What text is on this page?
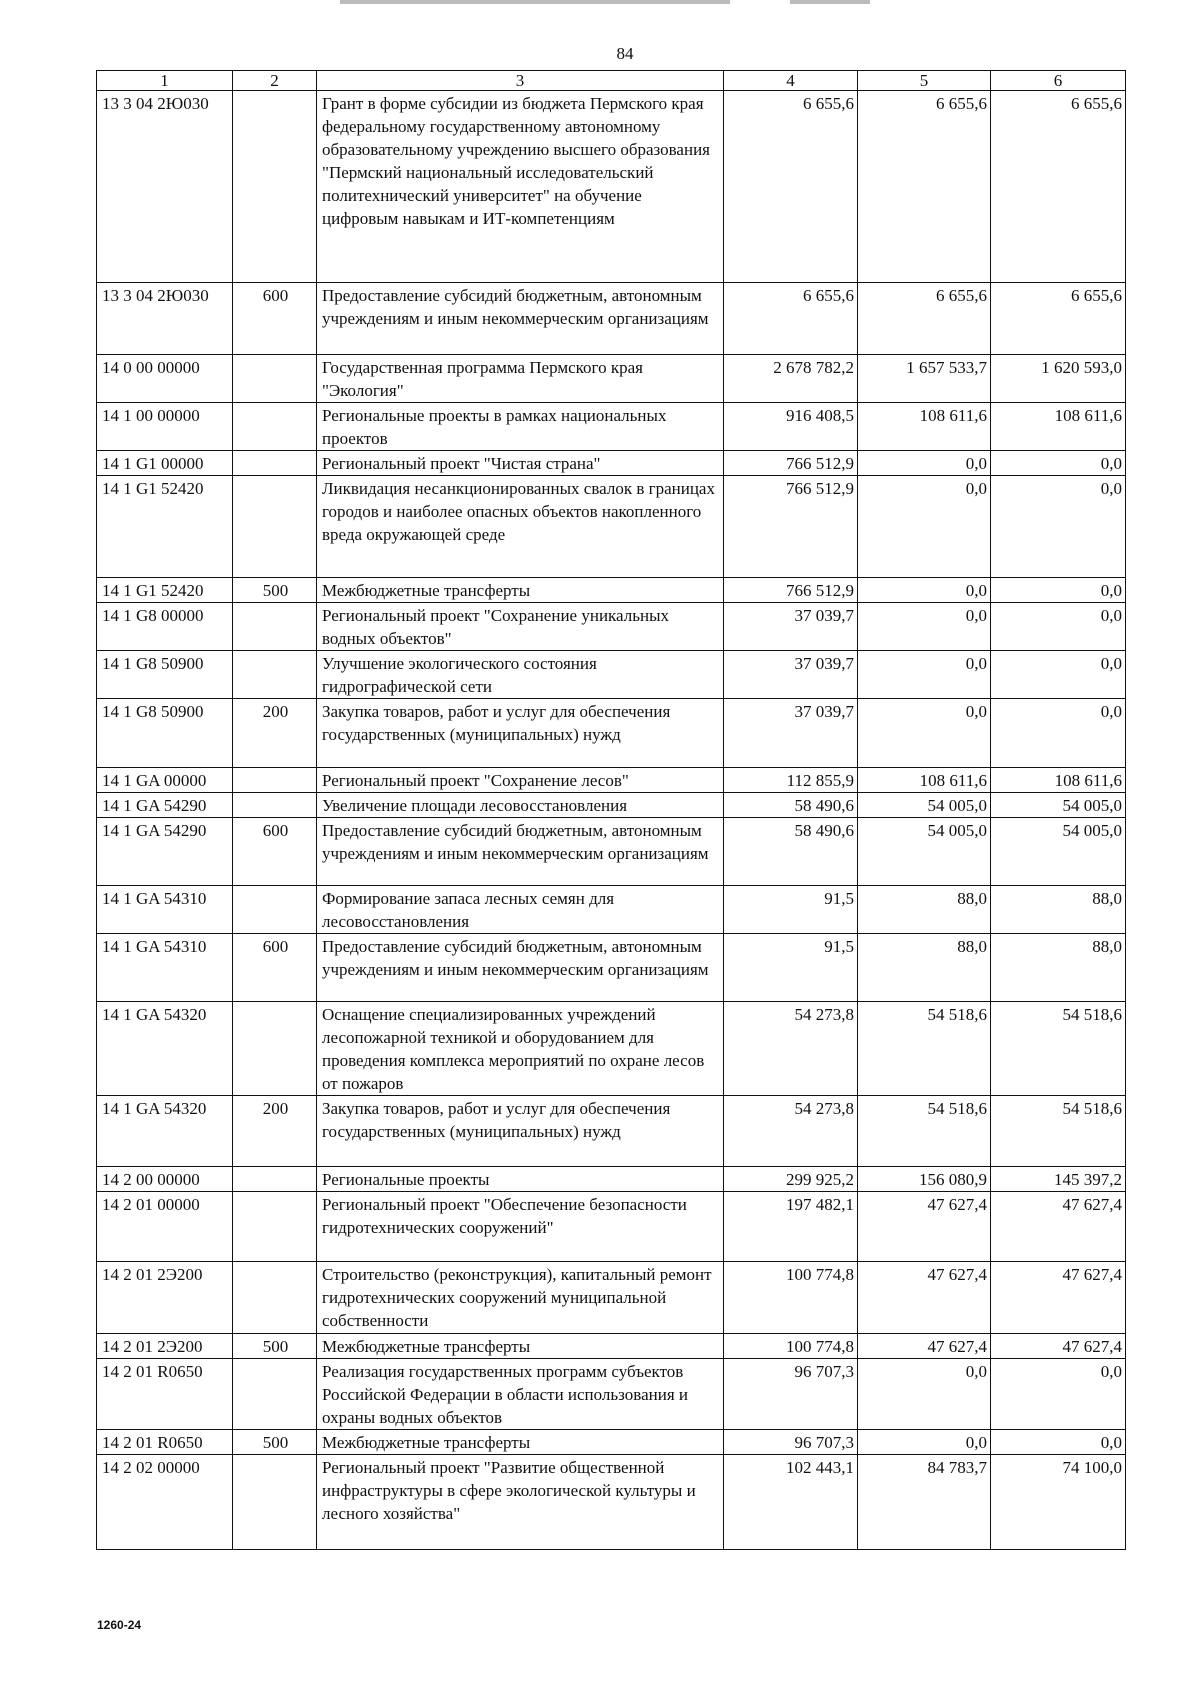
84
1	2	3	4	5	6
13 3 04 2Ю030		Грант в форме субсидии из бюджета Пермского края федеральному государственному автономному образовательному учреждению высшего образования "Пермский национальный исследовательский политехнический университет" на обучение цифровым навыкам и ИТ-компетенциям	6 655,6	6 655,6	6 655,6
13 3 04 2Ю030	600	Предоставление субсидий бюджетным, автономным учреждениям и иным некоммерческим организациям	6 655,6	6 655,6	6 655,6
14 0 00 00000		Государственная программа Пермского края "Экология"	2 678 782,2	1 657 533,7	1 620 593,0
14 1 00 00000		Региональные проекты в рамках национальных проектов	916 408,5	108 611,6	108 611,6
14 1 G1 00000		Региональный проект "Чистая страна"	766 512,9	0,0	0,0
14 1 G1 52420		Ликвидация несанкционированных свалок в границах городов и наиболее опасных объектов накопленного вреда окружающей среде	766 512,9	0,0	0,0
14 1 G1 52420	500	Межбюджетные трансферты	766 512,9	0,0	0,0
14 1 G8 00000		Региональный проект "Сохранение уникальных водных объектов"	37 039,7	0,0	0,0
14 1 G8 50900		Улучшение экологического состояния гидрографической сети	37 039,7	0,0	0,0
14 1 G8 50900	200	Закупка товаров, работ и услуг для обеспечения государственных (муниципальных) нужд	37 039,7	0,0	0,0
14 1 GA 00000		Региональный проект "Сохранение лесов"	112 855,9	108 611,6	108 611,6
14 1 GA 54290		Увеличение площади лесовосстановления	58 490,6	54 005,0	54 005,0
14 1 GA 54290	600	Предоставление субсидий бюджетным, автономным учреждениям и иным некоммерческим организациям	58 490,6	54 005,0	54 005,0
14 1 GA 54310		Формирование запаса лесных семян для лесовосстановления	91,5	88,0	88,0
14 1 GA 54310	600	Предоставление субсидий бюджетным, автономным учреждениям и иным некоммерческим организациям	91,5	88,0	88,0
14 1 GA 54320		Оснащение специализированных учреждений лесопожарной техникой и оборудованием для проведения комплекса мероприятий по охране лесов от пожаров	54 273,8	54 518,6	54 518,6
14 1 GA 54320	200	Закупка товаров, работ и услуг для обеспечения государственных (муниципальных) нужд	54 273,8	54 518,6	54 518,6
14 2 00 00000		Региональные проекты	299 925,2	156 080,9	145 397,2
14 2 01 00000		Региональный проект "Обеспечение безопасности гидротехнических сооружений"	197 482,1	47 627,4	47 627,4
14 2 01 2Э200		Строительство (реконструкция), капитальный ремонт гидротехнических сооружений муниципальной собственности	100 774,8	47 627,4	47 627,4
14 2 01 2Э200	500	Межбюджетные трансферты	100 774,8	47 627,4	47 627,4
14 2 01 R0650		Реализация государственных программ субъектов Российской Федерации в области использования и охраны водных объектов	96 707,3	0,0	0,0
14 2 01 R0650	500	Межбюджетные трансферты	96 707,3	0,0	0,0
14 2 02 00000		Региональный проект "Развитие общественной инфраструктуры в сфере экологической культуры и лесного хозяйства"	102 443,1	84 783,7	74 100,0
1260-24
